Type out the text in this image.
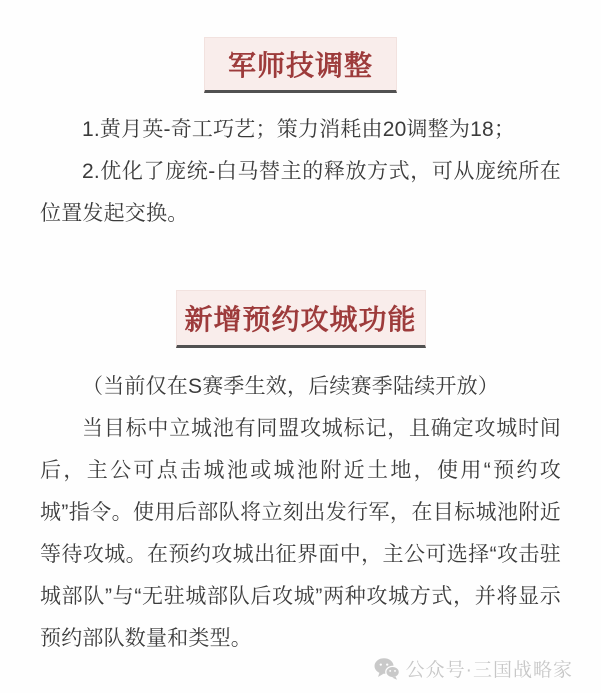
军师技调整

1.黄月英-奇工巧艺；策力消耗由20调整为18；

2.优化了庞统-白马替主的释放方式，可从庞统所在位置发起交换。

新增预约攻城功能

（当前仅在S赛季生效，后续赛季陆续开放）

当目标中立城池有同盟攻城标记，且确定攻城时间后，主公可点击城池或城池附近土地，使用“预约攻城”指令。使用后部队将立刻出发行军，在目标城池附近等待攻城。在预约攻城出征界面中，主公可选择“攻击驻城部队”与“无驻城部队后攻城”两种攻城方式，并将显示预约部队数量和类型。

公众号·三国战略家
